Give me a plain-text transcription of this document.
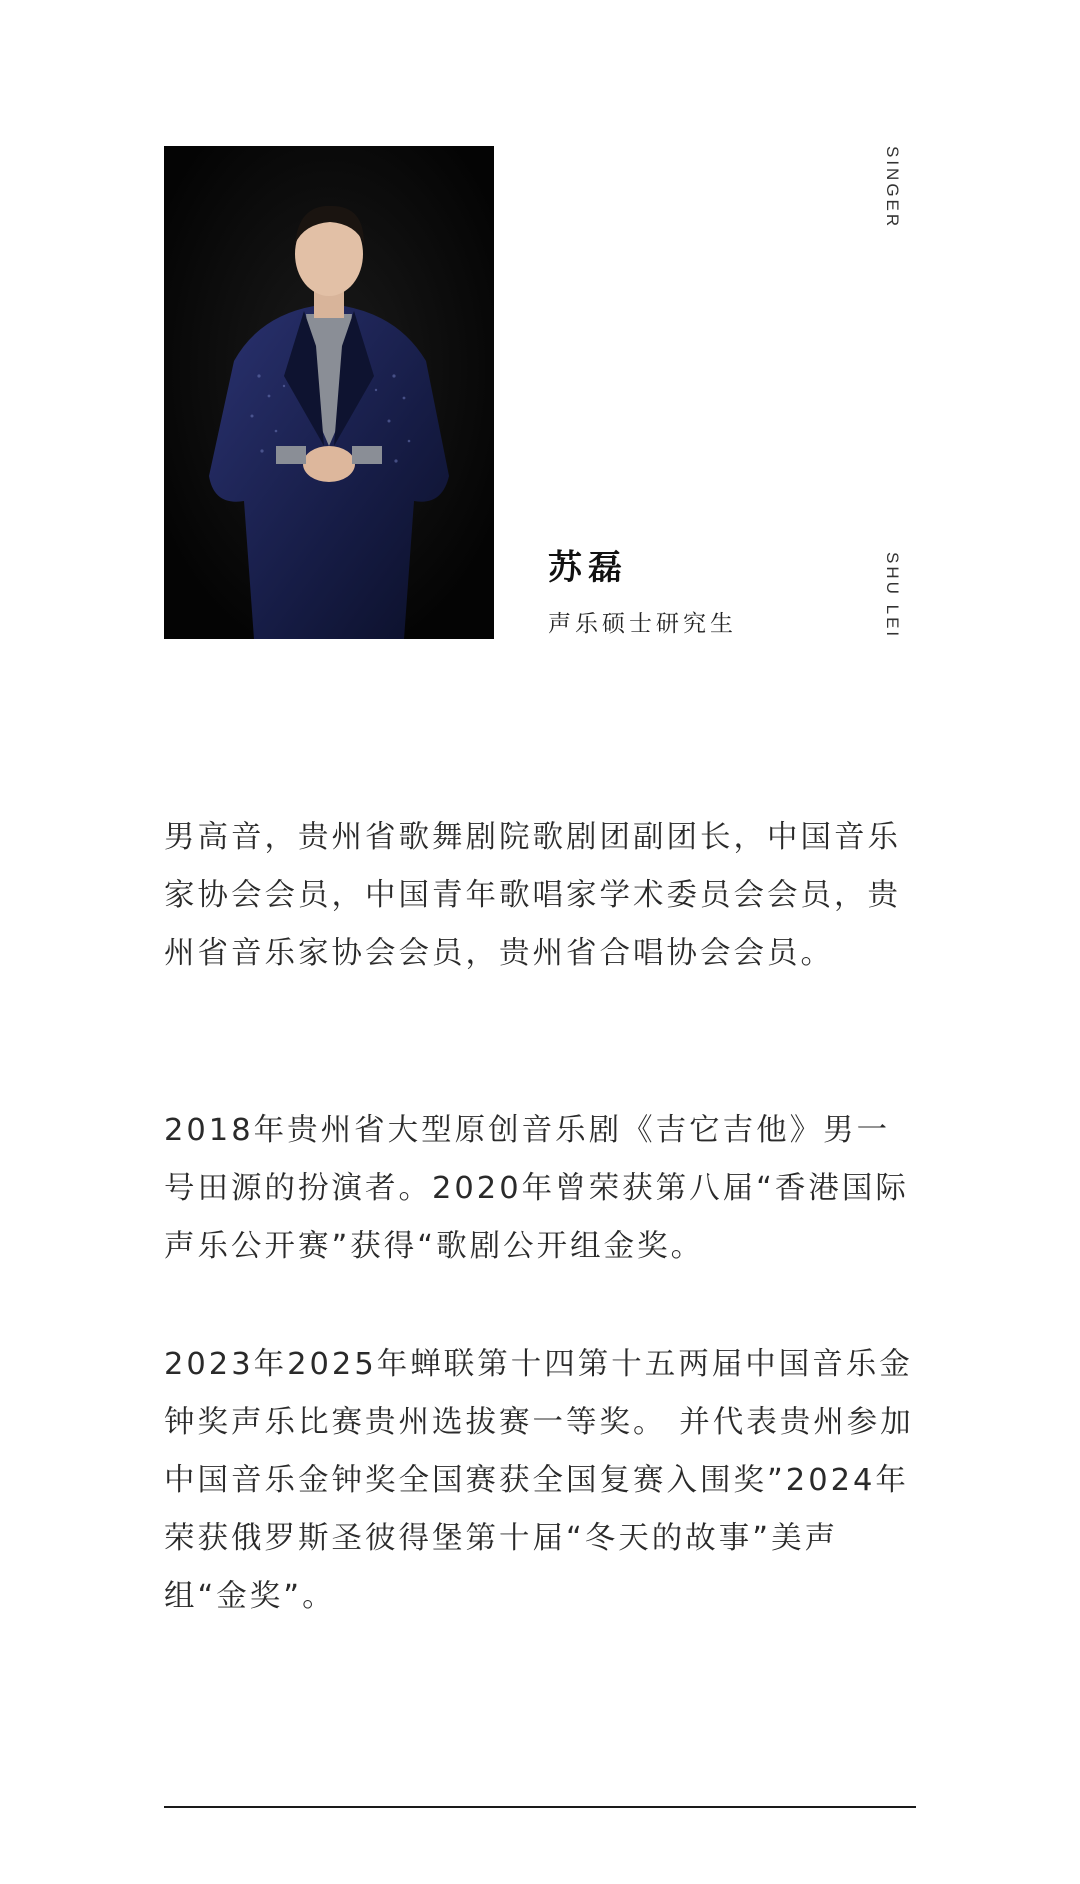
苏磊
声乐硕士研究生
SINGER
SHU LEI

男高音，贵州省歌舞剧院歌剧团副团长，中国音乐家协会会员，中国青年歌唱家学术委员会会员，贵州省音乐家协会会员，贵州省合唱协会会员。

2018年贵州省大型原创音乐剧《吉它吉他》男一号田源的扮演者。2020年曾荣获第八届“香港国际声乐公开赛”获得“歌剧公开组金奖。

2023年2025年蝉联第十四第十五两届中国音乐金钟奖声乐比赛贵州选拔赛一等奖。 并代表贵州参加中国音乐金钟奖全国赛获全国复赛入围奖”2024年荣获俄罗斯圣彼得堡第十届“冬天的故事”美声组“金奖”。
